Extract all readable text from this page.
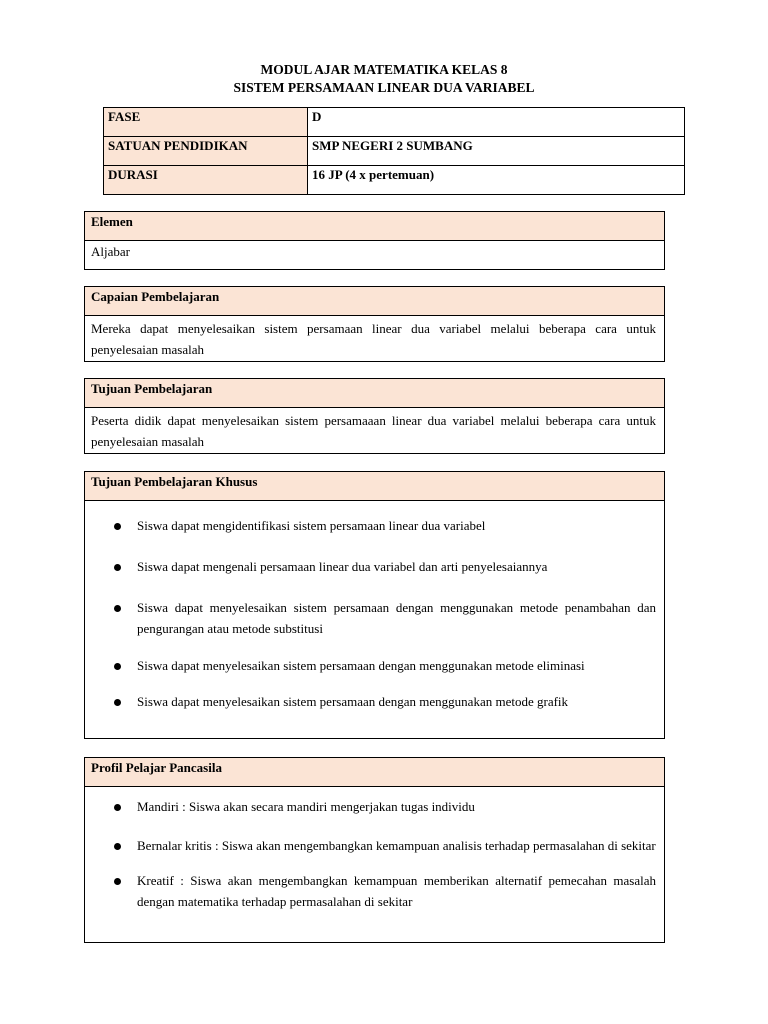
MODUL AJAR MATEMATIKA KELAS 8
SISTEM PERSAMAAN LINEAR DUA VARIABEL
FASE	D
SATUAN PENDIDIKAN	SMP NEGERI 2 SUMBANG
DURASI	16 JP (4 x pertemuan)
Elemen
Aljabar
Capaian Pembelajaran
Mereka dapat menyelesaikan sistem persamaan linear dua variabel melalui beberapa cara untuk penyelesaian masalah
Tujuan Pembelajaran
Peserta didik dapat menyelesaikan sistem persamaaan linear dua variabel melalui beberapa cara untuk penyelesaian masalah
Tujuan Pembelajaran Khusus
Siswa dapat mengidentifikasi sistem persamaan linear dua variabel
Siswa dapat mengenali persamaan linear dua variabel dan arti penyelesaiannya
Siswa dapat menyelesaikan sistem persamaan dengan menggunakan metode penambahan dan pengurangan atau metode substitusi
Siswa dapat menyelesaikan sistem persamaan dengan menggunakan metode eliminasi
Siswa dapat menyelesaikan sistem persamaan dengan menggunakan metode grafik
Profil Pelajar Pancasila
Mandiri : Siswa akan secara mandiri mengerjakan tugas individu
Bernalar kritis : Siswa akan mengembangkan kemampuan analisis terhadap permasalahan di sekitar
Kreatif : Siswa akan mengembangkan kemampuan memberikan alternatif pemecahan masalah dengan matematika terhadap permasalahan di sekitar
